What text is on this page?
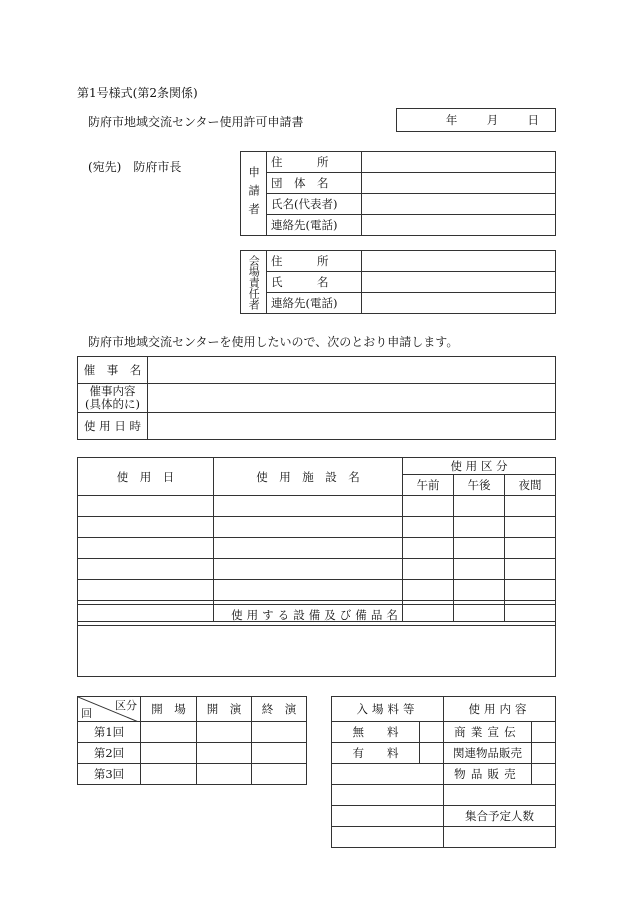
第1号様式(第2条関係)
防府市地域交流センター使用許可申請書	年	月	日
(宛先)　防府市長	申請者	住　　　所	
	団　体　名	
	氏名(代表者)	
	連絡先(電話)	
会場責任者	住　　　所	
	氏　　　名	
	連絡先(電話)	
防府市地域交流センターを使用したいので、次のとおり申請します。
催　事　名	

催事内容
(具体的に)	

使 用 日 時	
使　用　日	使　用　施　設　名	使 用 区 分		
		午前	午後	夜間

使用する設備及び備品名

区分
回	開　場	開　演	終　演
第1回			
第2回			
第3回			
入場料等		使用内容	
無　　料		商業宣伝	
有　　料		関連物品販売	
		物品販売	

		集合予定人数	
